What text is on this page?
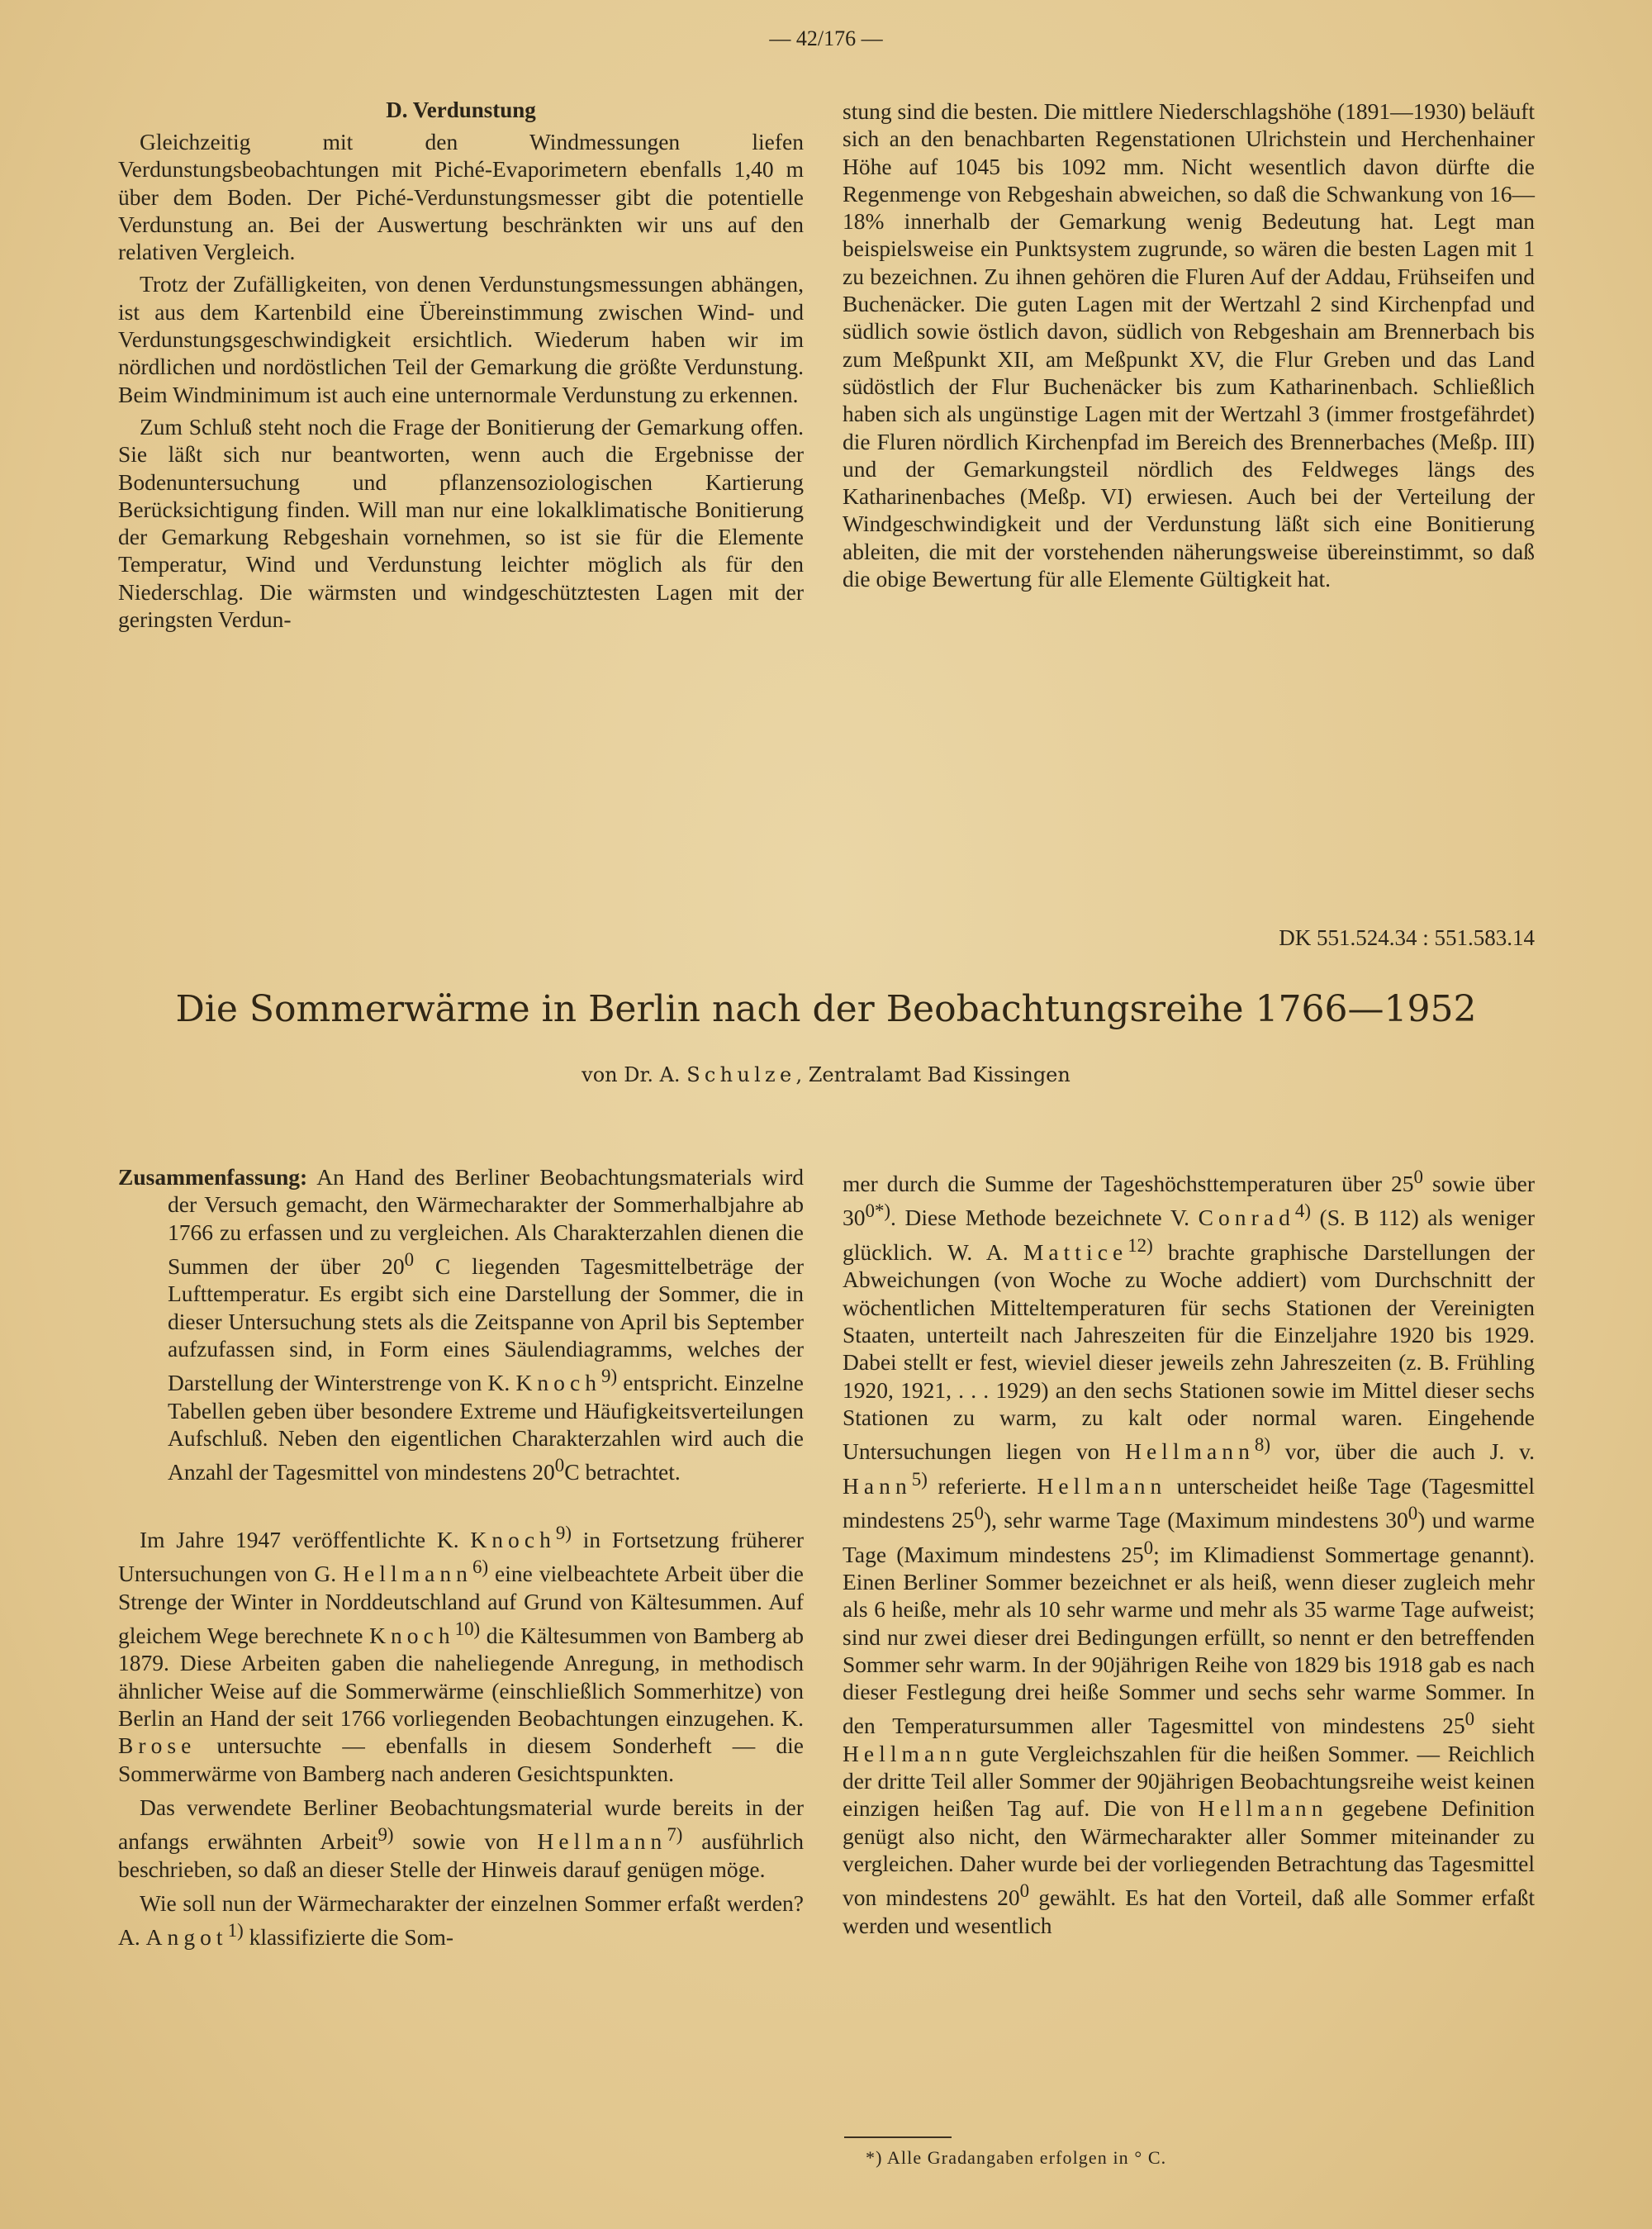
— 42/176 —
D. Verdunstung

Gleichzeitig mit den Windmessungen liefen Verdunstungsbeobachtungen mit Piché-Evaporimetern ebenfalls 1,40 m über dem Boden. Der Piché-Verdunstungsmesser gibt die potentielle Verdunstung an. Bei der Auswertung beschränkten wir uns auf den relativen Vergleich.

Trotz der Zufälligkeiten, von denen Verdunstungsmessungen abhängen, ist aus dem Kartenbild eine Übereinstimmung zwischen Wind- und Verdunstungsgeschwindigkeit ersichtlich. Wiederum haben wir im nördlichen und nordöstlichen Teil der Gemarkung die größte Verdunstung. Beim Windminimum ist auch eine unternormale Verdunstung zu erkennen.

Zum Schluß steht noch die Frage der Bonitierung der Gemarkung offen. Sie läßt sich nur beantworten, wenn auch die Ergebnisse der Bodenuntersuchung und pflanzensoziologischen Kartierung Berücksichtigung finden. Will man nur eine lokalklimatische Bonitierung der Gemarkung Rebgeshain vornehmen, so ist sie für die Elemente Temperatur, Wind und Verdunstung leichter möglich als für den Niederschlag. Die wärmsten und windgeschütztesten Lagen mit der geringsten Verdun-

stung sind die besten. Die mittlere Niederschlagshöhe (1891—1930) beläuft sich an den benachbarten Regenstationen Ulrichstein und Herchenhainer Höhe auf 1045 bis 1092 mm. Nicht wesentlich davon dürfte die Regenmenge von Rebgeshain abweichen, so daß die Schwankung von 16—18% innerhalb der Gemarkung wenig Bedeutung hat. Legt man beispielsweise ein Punktsystem zugrunde, so wären die besten Lagen mit 1 zu bezeichnen. Zu ihnen gehören die Fluren Auf der Addau, Frühseifen und Buchenäcker. Die guten Lagen mit der Wertzahl 2 sind Kirchenpfad und südlich sowie östlich davon, südlich von Rebgeshain am Brennerbach bis zum Meßpunkt XII, am Meßpunkt XV, die Flur Greben und das Land südöstlich der Flur Buchenäcker bis zum Katharinenbach. Schließlich haben sich als ungünstige Lagen mit der Wertzahl 3 (immer frostgefährdet) die Fluren nördlich Kirchenpfad im Bereich des Brennerbaches (Meßp. III) und der Gemarkungsteil nördlich des Feldweges längs des Katharinenbaches (Meßp. VI) erwiesen. Auch bei der Verteilung der Windgeschwindigkeit und der Verdunstung läßt sich eine Bonitierung ableiten, die mit der vorstehenden näherungsweise übereinstimmt, so daß die obige Bewertung für alle Elemente Gültigkeit hat.

DK 551.524.34 : 551.583.14
Die Sommerwärme in Berlin nach der Beobachtungsreihe 1766—1952
von Dr. A. Schulze, Zentralamt Bad Kissingen

Zusammenfassung: An Hand des Berliner Beobachtungsmaterials wird der Versuch gemacht, den Wärmecharakter der Sommerhalbjahre ab 1766 zu erfassen und zu vergleichen. Als Charakterzahlen dienen die Summen der über $20^0$ C liegenden Tagesmittelbeträge der Lufttemperatur. Es ergibt sich eine Darstellung der Sommer, die in dieser Untersuchung stets als die Zeitspanne von April bis September aufzufassen sind, in Form eines Säulendiagramms, welches der Darstellung der Winterstrenge von K. Knoch$^{9)}$ entspricht. Einzelne Tabellen geben über besondere Extreme und Häufigkeitsverteilungen Aufschluß. Neben den eigentlichen Charakterzahlen wird auch die Anzahl der Tagesmittel von mindestens $20^0C$ betrachtet.

Im Jahre 1947 veröffentlichte K. Knoch$^{9)}$ in Fortsetzung früherer Untersuchungen von G. Hellmann$^{6)}$ eine vielbeachtete Arbeit über die Strenge der Winter in Norddeutschland auf Grund von Kältesummen. Auf gleichem Wege berechnete Knoch$^{10)}$ die Kältesummen von Bamberg ab 1879. Diese Arbeiten gaben die naheliegende Anregung, in methodisch ähnlicher Weise auf die Sommerwärme (einschließlich Sommerhitze) von Berlin an Hand der seit 1766 vorliegenden Beobachtungen einzugehen. K. Brose untersuchte — ebenfalls in diesem Sonderheft — die Sommerwärme von Bamberg nach anderen Gesichtspunkten.

Das verwendete Berliner Beobachtungsmaterial wurde bereits in der anfangs erwähnten Arbeit$^{9)}$ sowie von Hellmann$^{7)}$ ausführlich beschrieben, so daß an dieser Stelle der Hinweis darauf genügen möge.

Wie soll nun der Wärmecharakter der einzelnen Sommer erfaßt werden? A. Angot$^{1)}$ klassifizierte die Som-

mer durch die Summe der Tageshöchsttemperaturen über $25^0$ sowie über $30^{0*)}$. Diese Methode bezeichnete V. Conrad$^{4)}$ (S. B 112) als weniger glücklich. W. A. Mattice$^{12)}$ brachte graphische Darstellungen der Abweichungen (von Woche zu Woche addiert) vom Durchschnitt der wöchentlichen Mitteltemperaturen für sechs Stationen der Vereinigten Staaten, unterteilt nach Jahreszeiten für die Einzeljahre 1920 bis 1929. Dabei stellt er fest, wieviel dieser jeweils zehn Jahreszeiten (z. B. Frühling 1920, 1921, . . . 1929) an den sechs Stationen sowie im Mittel dieser sechs Stationen zu warm, zu kalt oder normal waren. Eingehende Untersuchungen liegen von Hellmann$^{8)}$ vor, über die auch J. v. Hann$^{5)}$ referierte. Hellmann unterscheidet heiße Tage (Tagesmittel mindestens $25^0$), sehr warme Tage (Maximum mindestens $30^0$) und warme Tage (Maximum mindestens $25^0$; im Klimadienst Sommertage genannt). Einen Berliner Sommer bezeichnet er als heiß, wenn dieser zugleich mehr als 6 heiße, mehr als 10 sehr warme und mehr als 35 warme Tage aufweist; sind nur zwei dieser drei Bedingungen erfüllt, so nennt er den betreffenden Sommer sehr warm. In der 90jährigen Reihe von 1829 bis 1918 gab es nach dieser Festlegung drei heiße Sommer und sechs sehr warme Sommer. In den Temperatursummen aller Tagesmittel von mindestens $25^0$ sieht Hellmann gute Vergleichszahlen für die heißen Sommer. — Reichlich der dritte Teil aller Sommer der 90jährigen Beobachtungsreihe weist keinen einzigen heißen Tag auf. Die von Hellmann gegebene Definition genügt also nicht, den Wärmecharakter aller Sommer miteinander zu vergleichen. Daher wurde bei der vorliegenden Betrachtung das Tagesmittel von mindestens $20^0$ gewählt. Es hat den Vorteil, daß alle Sommer erfaßt werden und wesentlich

*) Alle Gradangaben erfolgen in ° C.
